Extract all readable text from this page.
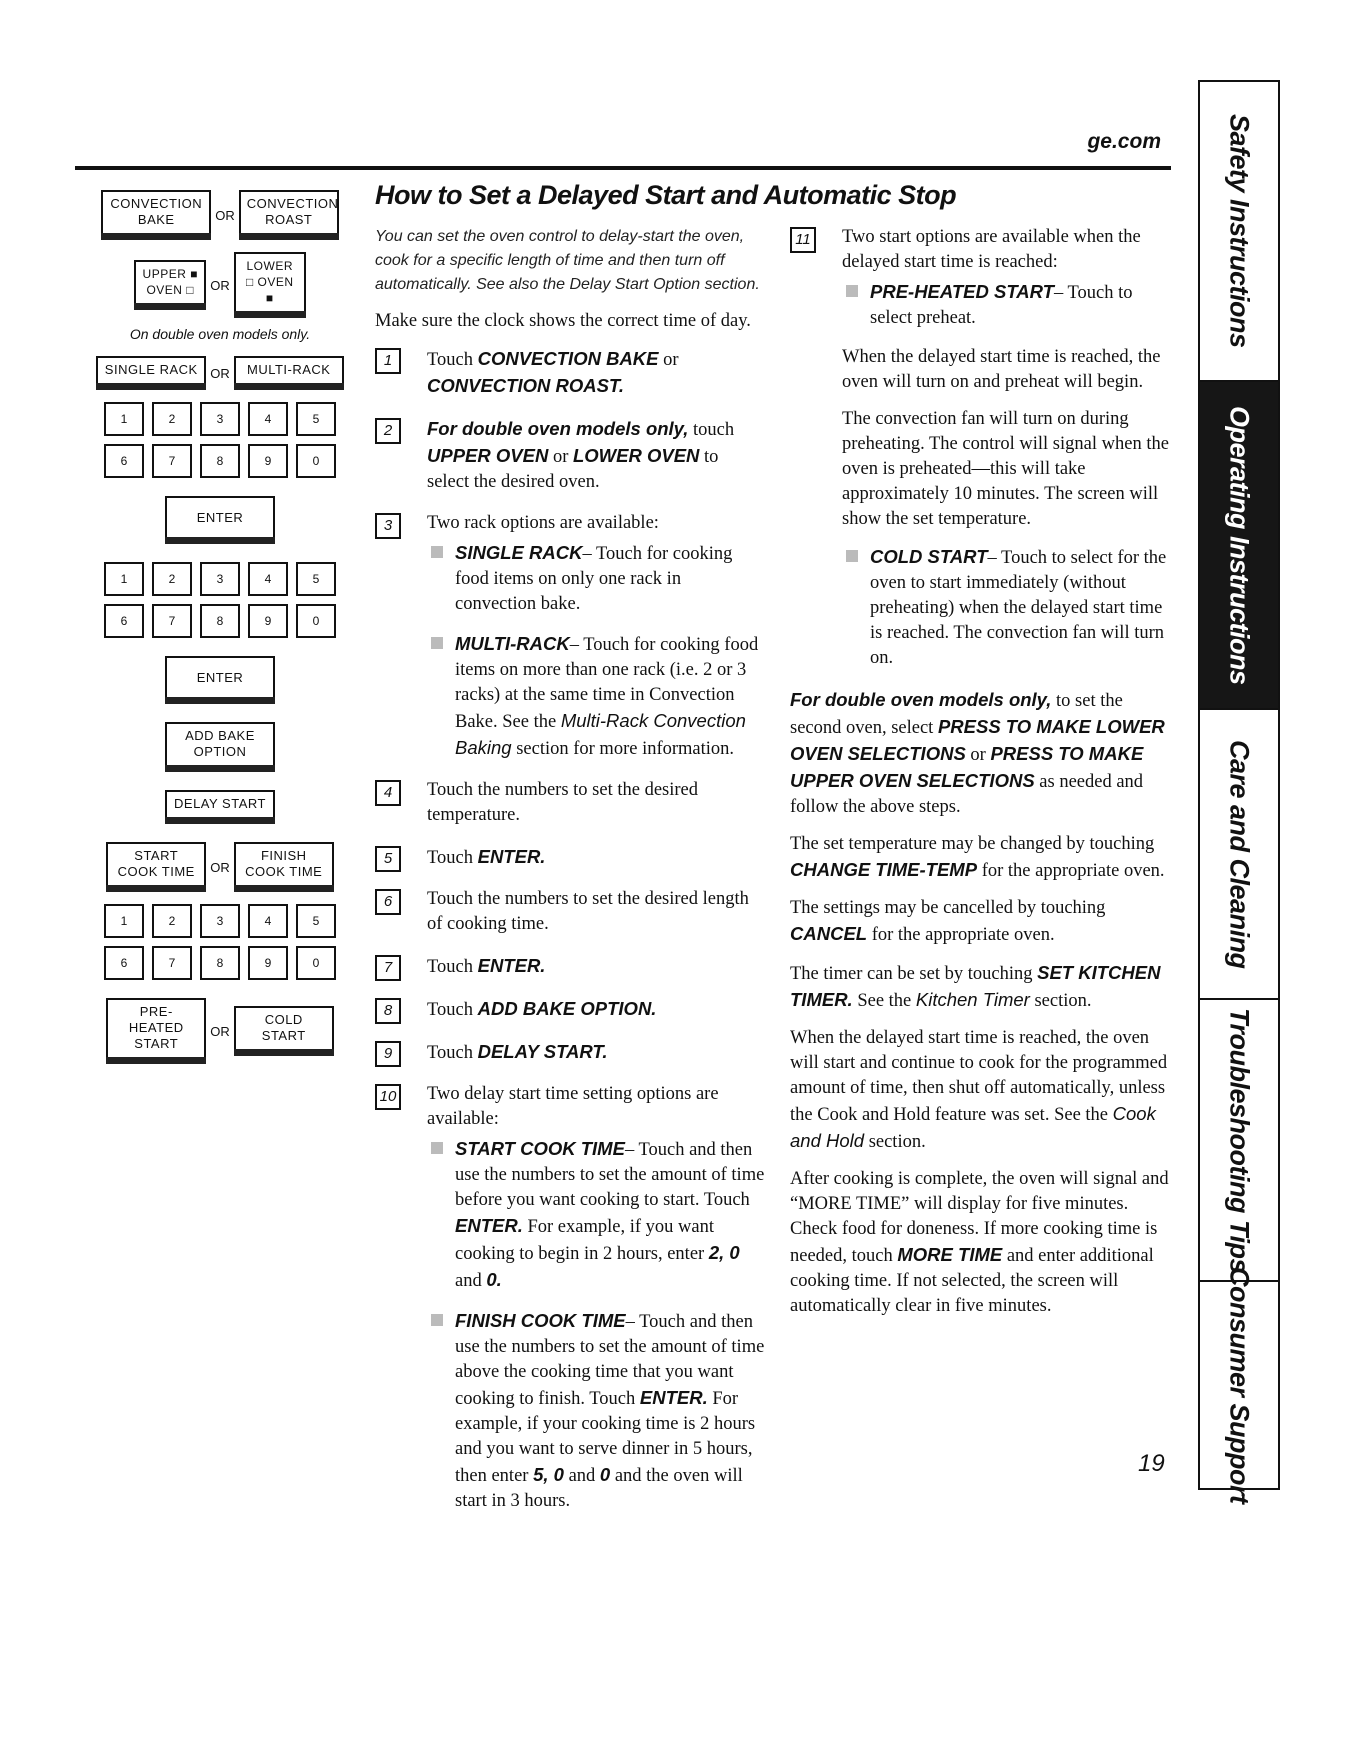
ge.com
How to Set a Delayed Start and Automatic Stop
CONVECTION BAKE	OR
CONVECTION ROAST
UPPER ■ OVEN □	OR
LOWER □ OVEN ■
On double oven models only.
SINGLE RACK OR	MULTI-RACK
1	2	3	4	5
6	7	8	9	0
ENTER
1	2	3	4	5
6	7	8	9	0
ENTER
ADD BAKE OPTION
DELAY START
START COOK TIME	OR
FINISH COOK TIME
1	2	3	4	5
6	7	8	9	0
PRE-HEATED START
OR
COLD START

You can set the oven control to delay-start the oven, cook for a specific length of time and then turn off automatically. See also the Delay Start Option section.

Make sure the clock shows the correct time of day.

1	Touch CONVECTION BAKE or CONVECTION ROAST.
2	For double oven models only, touch UPPER OVEN or LOWER OVEN to select the desired oven.
3	Two rack options are available:
SINGLE RACK– Touch for cooking food items on only one rack in convection bake.
MULTI-RACK– Touch for cooking food items on more than one rack (i.e. 2 or 3 racks) at the same time in Convection Bake. See the Multi-Rack Convection Baking section for more information.
4	Touch the numbers to set the desired temperature.
5	Touch ENTER.
6	Touch the numbers to set the desired length of cooking time.
7	Touch ENTER.
8	Touch ADD BAKE OPTION.
9	Touch DELAY START.
10 Two delay start time setting options are available:
START COOK TIME– Touch and then use the numbers to set the amount of time before you want cooking to start. Touch ENTER. For example, if you want cooking to begin in 2 hours, enter 2, 0 and 0.
FINISH COOK TIME– Touch and then use the numbers to set the amount of time above the cooking time that you want cooking to finish. Touch ENTER. For example, if your cooking time is 2 hours and you want to serve dinner in 5 hours, then enter 5, 0 and 0 and the oven will start in 3 hours.
11 Two start options are available when the delayed start time is reached:
PRE-HEATED START– Touch to select preheat.

When the delayed start time is reached, the oven will turn on and preheat will begin.

The convection fan will turn on during preheating. The control will signal when the oven is preheated—this will take approximately 10 minutes. The screen will show the set temperature.

COLD START– Touch to select for the oven to start immediately (without preheating) when the delayed start time is reached. The convection fan will turn on.

For double oven models only, to set the second oven, select PRESS TO MAKE LOWER OVEN SELECTIONS or PRESS TO MAKE UPPER OVEN SELECTIONS as needed and follow the above steps.

The set temperature may be changed by touching CHANGE TIME-TEMP for the appropriate oven.

The settings may be cancelled by touching CANCEL for the appropriate oven.

The timer can be set by touching SET KITCHEN TIMER. See the Kitchen Timer section.

When the delayed start time is reached, the oven will start and continue to cook for the programmed amount of time, then shut off automatically, unless the Cook and Hold feature was set. See the Cook and Hold section.

After cooking is complete, the oven will signal and “MORE TIME” will display for five minutes. Check food for doneness. If more cooking time is needed, touch MORE TIME and enter additional cooking time. If not selected, the screen will automatically clear in five minutes.

19
Safety Instructions
Operating Instructions
Care and Cleaning
Troubleshooting Tips
Consumer Support
